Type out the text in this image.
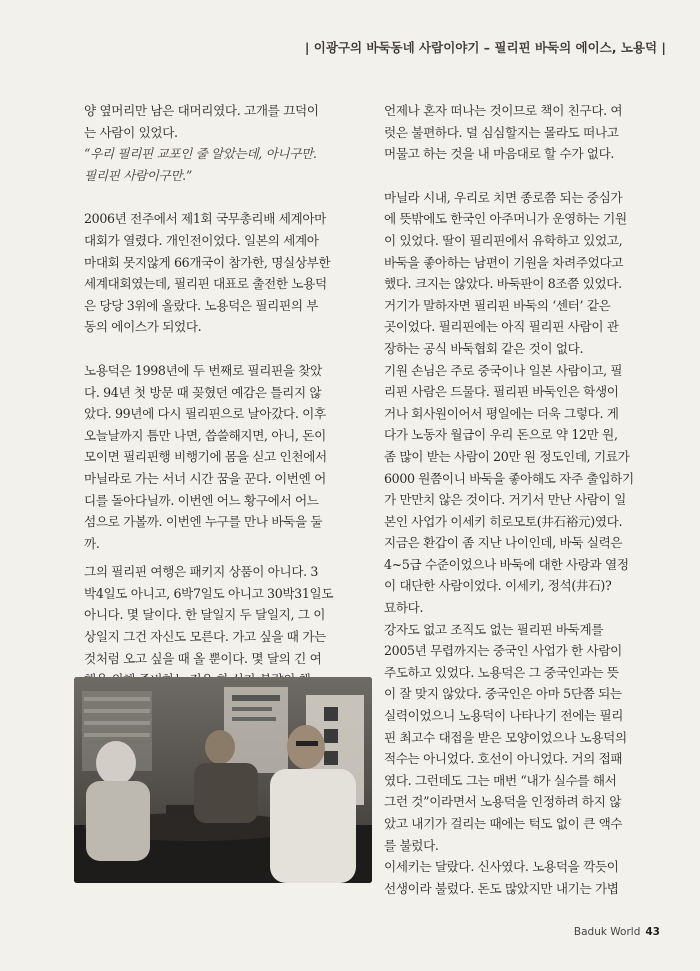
| 이광구의 바둑동네 사람이야기 – 필리핀 바둑의 에이스, 노용덕 |

양 옆머리만 남은 대머리였다. 고개를 끄덕이

는 사람이 있었다.

“우리 필리핀 교포인 줄 알았는데, 아니구만.

필리핀 사람이구만.”

2006년 전주에서 제1회 국무총리배 세계아마

대회가 열렸다. 개인전이었다. 일본의 세계아

마대회 못지않게 66개국이 참가한, 명실상부한

세계대회였는데, 필리핀 대표로 출전한 노용덕

은 당당 3위에 올랐다. 노용덕은 필리핀의 부

동의 에이스가 되었다.

노용덕은 1998년에 두 번째로 필리핀을 찾았

다. 94년 첫 방문 때 꽂혔던 예감은 틀리지 않

았다. 99년에 다시 필리핀으로 날아갔다. 이후

오늘날까지 틈만 나면, 씁쓸해지면, 아니, 돈이

모이면 필리핀행 비행기에 몸을 싣고 인천에서

마닐라로 가는 서너 시간 꿈을 꾼다. 이번엔 어

디를 돌아다닐까. 이번엔 어느 황구에서 어느

섬으로 가볼까. 이번엔 누구를 만나 바둑을 둘

까.

그의 필리핀 여행은 패키지 상품이 아니다. 3

박4일도 아니고, 6박7일도 아니고 30박31일도

아니다. 몇 달이다. 한 달일지 두 달일지, 그 이

상일지 그건 자신도 모른다. 가고 싶을 때 가는

것처럼 오고 싶을 때 올 뿐이다. 몇 달의 긴 여

언제나 혼자 떠나는 것이므로 책이 친구다. 여

럿은 불편하다. 덜 심심할지는 몰라도 떠나고

머물고 하는 것을 내 마음대로 할 수가 없다.

마닐라 시내, 우리로 치면 종로쯤 되는 중심가

에 뜻밖에도 한국인 아주머니가 운영하는 기원

이 있었다. 딸이 필리핀에서 유학하고 있었고,

바둑을 좋아하는 남편이 기원을 차려주었다고

했다. 크지는 않았다. 바둑판이 8조쯤 있었다.

거기가 말하자면 필리핀 바둑의 ‘센터’ 같은

곳이었다. 필리핀에는 아직 필리핀 사람이 관

장하는 공식 바둑협회 같은 것이 없다.

기원 손님은 주로 중국이나 일본 사람이고, 필

리핀 사람은 드물다. 필리핀 바둑인은 학생이

거나 회사원이어서 평일에는 더욱 그렇다. 게

다가 노동자 월급이 우리 돈으로 약 12만 원,

좀 많이 받는 사람이 20만 원 정도인데, 기료가

6000 원쯤이니 바둑을 좋아해도 자주 출입하기

가 만만치 않은 것이다. 거기서 만난 사람이 일

본인 사업가 이세키 히로모토(井石裕元)였다.

지금은 환갑이 좀 지난 나이인데, 바둑 실력은

4~5급 수준이었으나 바둑에 대한 사랑과 열정

이 대단한 사람이었다. 이세키, 정석(井石)?

묘하다.

강자도 없고 조직도 없는 필리핀 바둑계를

2005년 무렵까지는 중국인 사업가 한 사람이

주도하고 있었다. 노용덕은 그 중국인과는 뜻

이 잘 맞지 않았다. 중국인은 아마 5단쯤 되는

실력이었으니 노용덕이 나타나기 전에는 필리

핀 최고수 대접을 받은 모양이었으나 노용덕의

적수는 아니었다. 호선이 아니었다. 거의 접패

였다. 그런데도 그는 매번 “내가 실수를 해서

그런 것”이라면서 노용덕을 인정하려 하지 않

았고 내기가 걸리는 때에는 턱도 없이 큰 액수

를 불렀다.

이세키는 달랐다. 신사였다. 노용덕을 깍듯이

선생이라 불렀다. 돈도 많았지만 내기는 가볍

Baduk World 43
